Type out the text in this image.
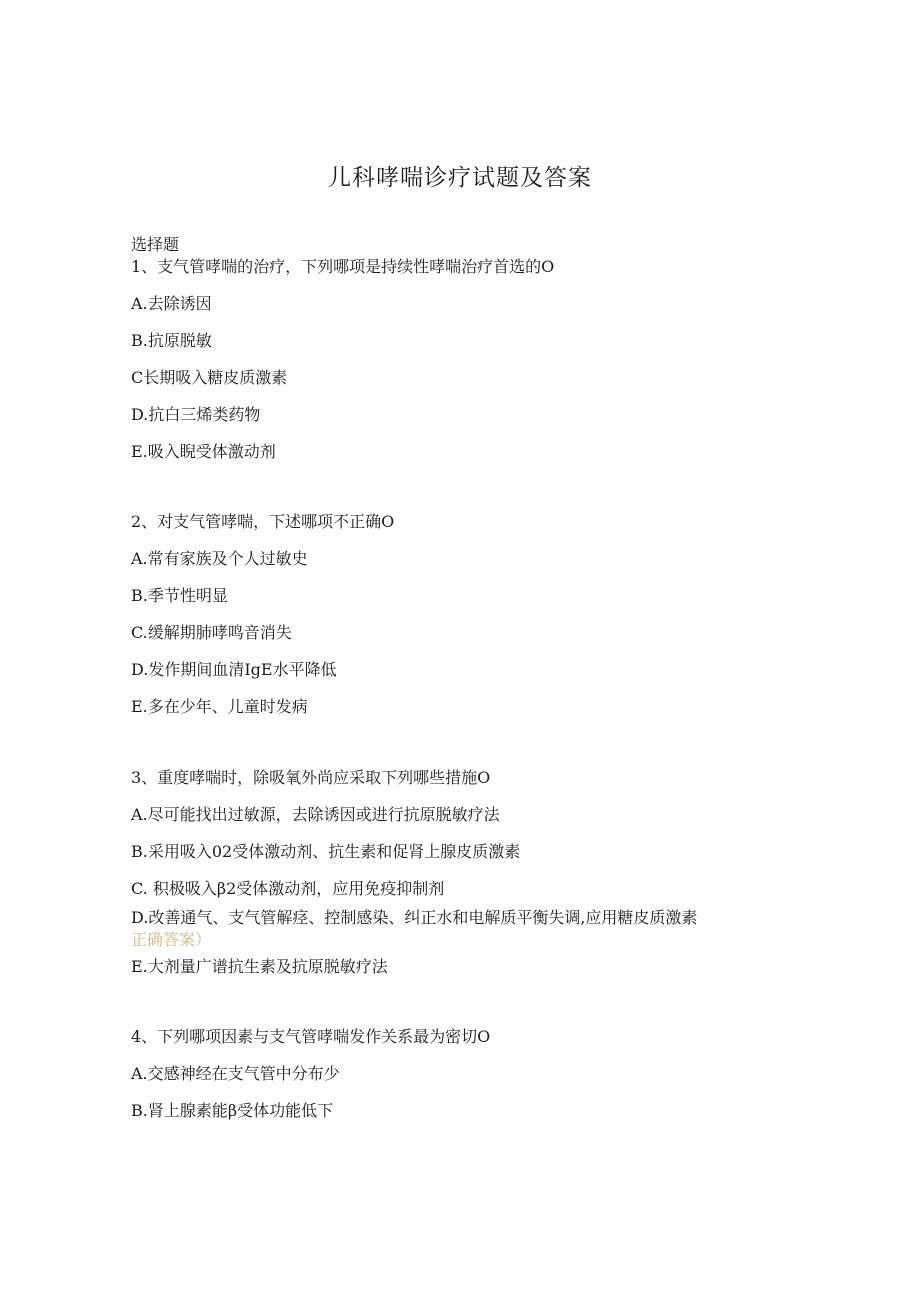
儿科哮喘诊疗试题及答案
选择题
1、支气管哮喘的治疗，下列哪项是持续性哮喘治疗首选的O
A.去除诱因
B.抗原脱敏
C长期吸入糖皮质激素
D.抗白三烯类药物
E.吸入睨受体激动剂
2、对支气管哮喘，下述哪项不正确O
A.常有家族及个人过敏史
B.季节性明显
C.缓解期肺哮鸣音消失
D.发作期间血清IgE水平降低
E.多在少年、儿童时发病
3、重度哮喘时，除吸氧外尚应采取下列哪些措施O
A.尽可能找出过敏源，去除诱因或进行抗原脱敏疗法
B.采用吸入02受体激动剂、抗生素和促肾上腺皮质激素
C. 积极吸入β2受体激动剂，应用免疫抑制剂
D.改善通气、支气管解痉、控制感染、纠正水和电解质平衡失调,应用糖皮质激素正确答案）
E.大剂量广谱抗生素及抗原脱敏疗法
4、下列哪项因素与支气管哮喘发作关系最为密切O
A.交感神经在支气管中分布少
B.肾上腺素能β受体功能低下
